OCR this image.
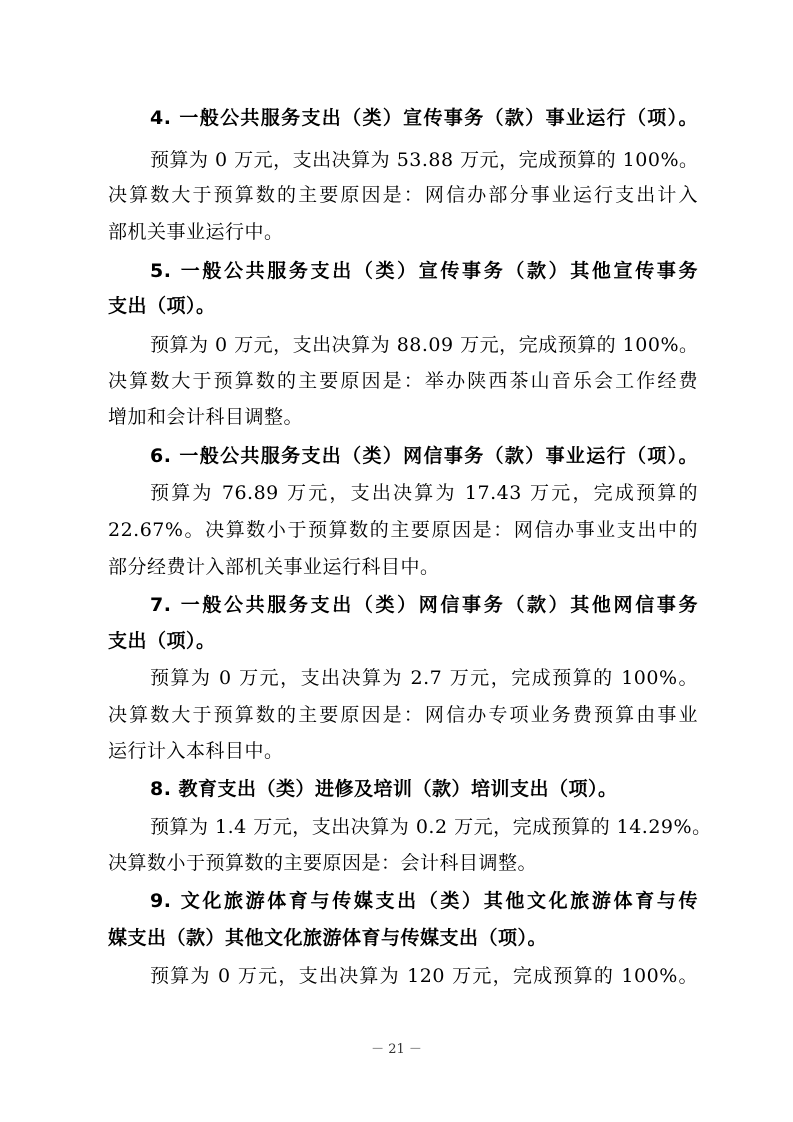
4. 一般公共服务支出（类）宣传事务（款）事业运行（项）。
预算为 0 万元，支出决算为 53.88 万元，完成预算的 100%。
决算数大于预算数的主要原因是：网信办部分事业运行支出计入
部机关事业运行中。
5. 一般公共服务支出（类）宣传事务（款）其他宣传事务
支出（项）。
预算为 0 万元，支出决算为 88.09 万元，完成预算的 100%。
决算数大于预算数的主要原因是：举办陕西茶山音乐会工作经费
增加和会计科目调整。
6. 一般公共服务支出（类）网信事务（款）事业运行（项）。
预算为 76.89 万元，支出决算为 17.43 万元，完成预算的
22.67%。决算数小于预算数的主要原因是：网信办事业支出中的
部分经费计入部机关事业运行科目中。
7. 一般公共服务支出（类）网信事务（款）其他网信事务
支出（项）。
预算为 0 万元，支出决算为 2.7 万元，完成预算的 100%。
决算数大于预算数的主要原因是：网信办专项业务费预算由事业
运行计入本科目中。
8. 教育支出（类）进修及培训（款）培训支出（项）。
预算为 1.4 万元，支出决算为 0.2 万元，完成预算的 14.29%。
决算数小于预算数的主要原因是：会计科目调整。
9. 文化旅游体育与传媒支出（类）其他文化旅游体育与传
媒支出（款）其他文化旅游体育与传媒支出（项）。
预算为 0 万元，支出决算为 120 万元，完成预算的 100%。
－ 21 －
